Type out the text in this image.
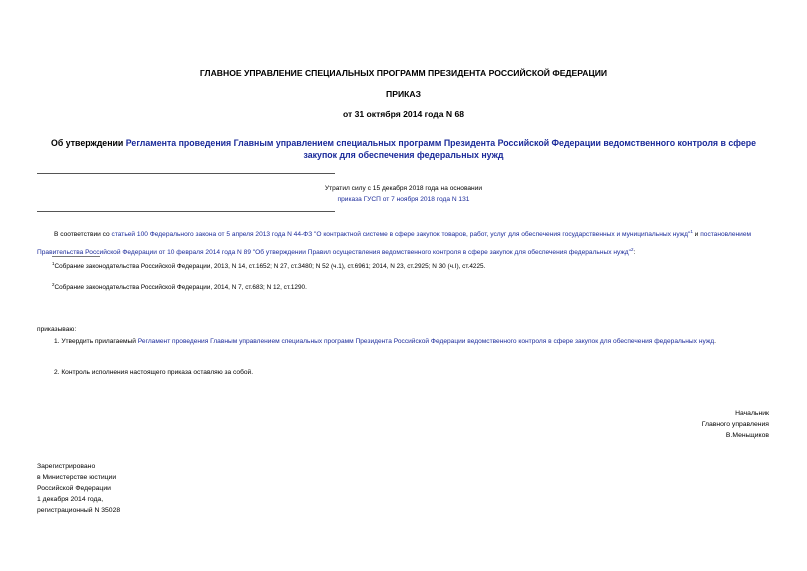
ГЛАВНОЕ УПРАВЛЕНИЕ СПЕЦИАЛЬНЫХ ПРОГРАММ ПРЕЗИДЕНТА РОССИЙСКОЙ ФЕДЕРАЦИИ
ПРИКАЗ
от 31 октября 2014 года N 68
Об утверждении Регламента проведения Главным управлением специальных программ Президента Российской Федерации ведомственного контроля в сфере
закупок для обеспечения федеральных нужд
Утратил силу с 15 декабря 2018 года на основании
приказа ГУСП от 7 ноября 2018 года N 131
В соответствии со статьей 100 Федерального закона от 5 апреля 2013 года N 44-ФЗ "О контрактной системе в сфере закупок товаров, работ, услуг для обеспечения государственных и муниципальных нужд"$^1$ и постановлением Правительства Российской Федерации от 10 февраля 2014 года N 89 "Об утверждении Правил осуществления ведомственного контроля в сфере закупок для обеспечения федеральных нужд"$^2$:
$^1$Собрание законодательства Российской Федерации, 2013, N 14, ст.1652; N 27, ст.3480; N 52 (ч.1), ст.6961; 2014, N 23, ст.2925; N 30 (ч.I), ст.4225.
$^2$Собрание законодательства Российской Федерации, 2014, N 7, ст.683; N 12, ст.1290.
приказываю:
1. Утвердить прилагаемый Регламент проведения Главным управлением специальных программ Президента Российской Федерации ведомственного контроля в сфере закупок для обеспечения федеральных нужд.
2. Контроль исполнения настоящего приказа оставляю за собой.
Начальник
Главного управления
В.Меньщиков
Зарегистрировано
в Министерстве юстиции
Российской Федерации
1 декабря 2014 года,
регистрационный N 35028
